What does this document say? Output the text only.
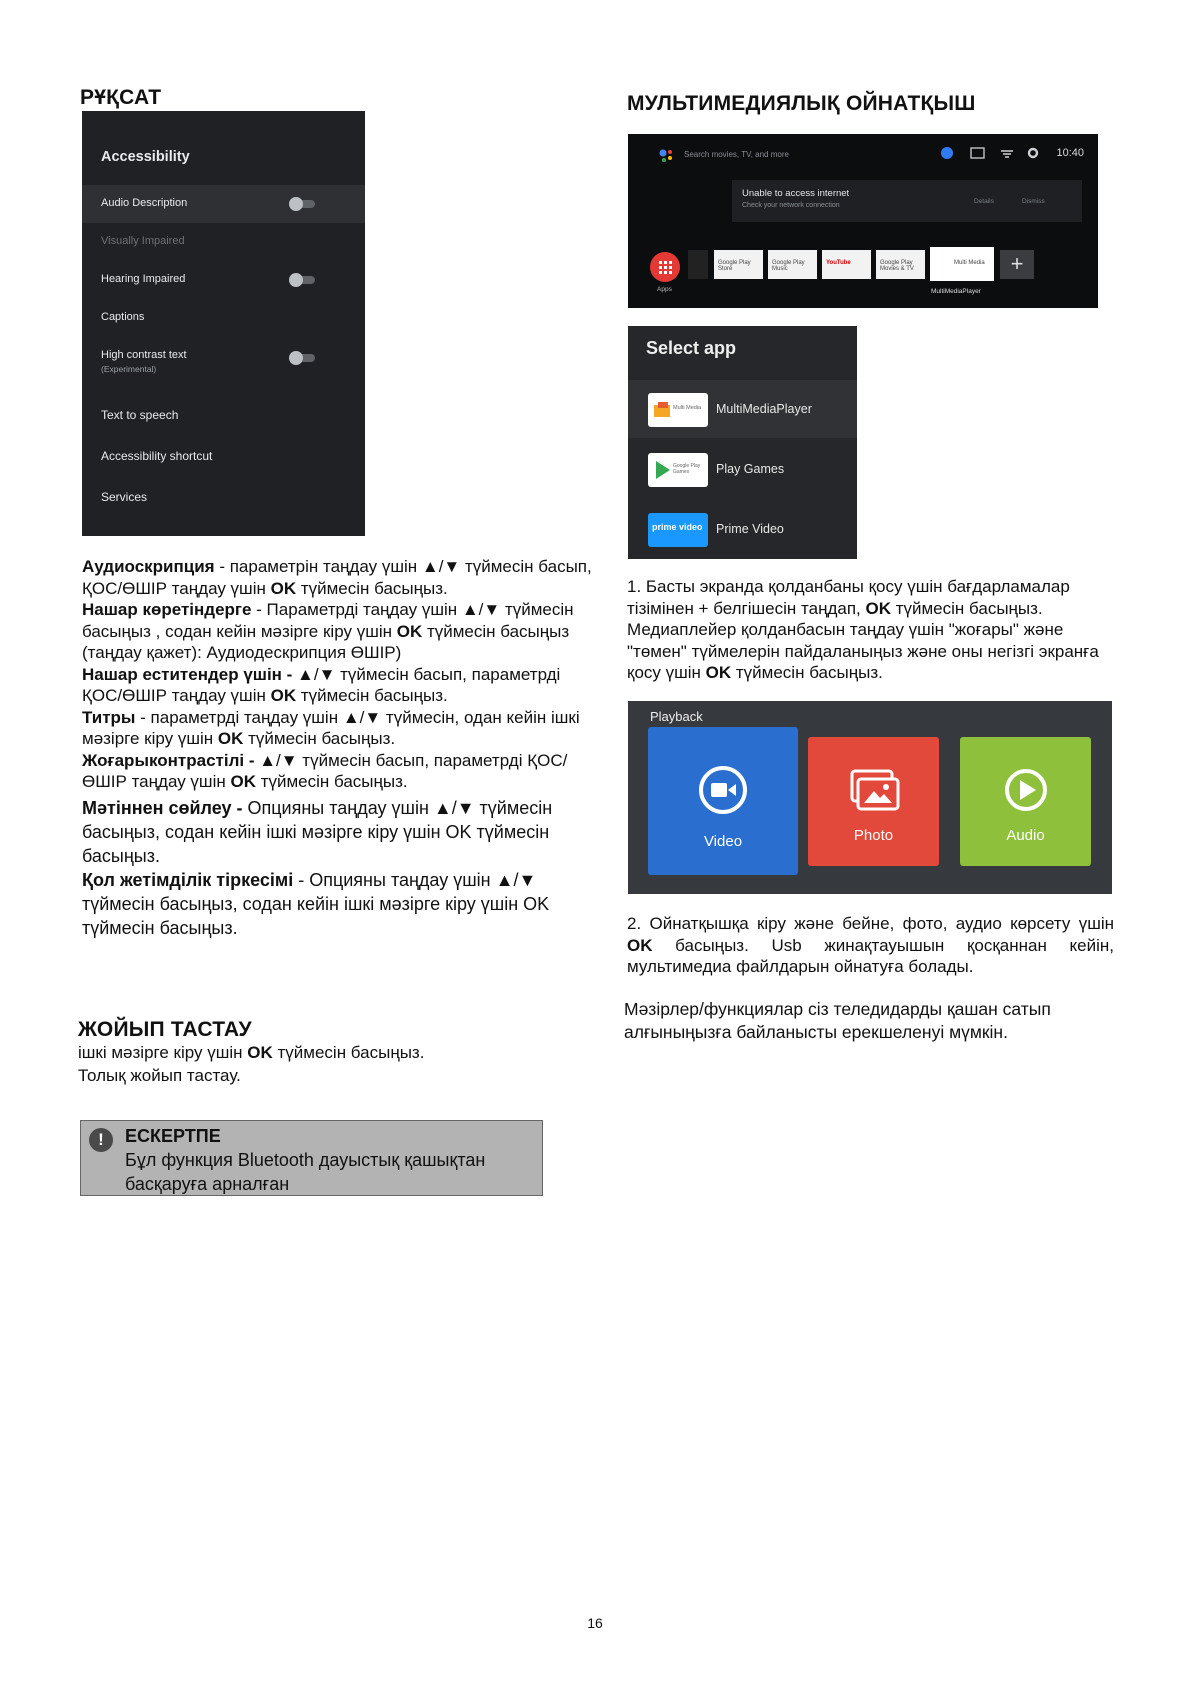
РҰҚСАТ
Accessibility
Audio Description
Visually Impaired
Hearing Impaired
Captions
High contrast text
(Experimental)
Text to speech
Accessibility shortcut
Services

Аудиоскрипция - параметрін таңдау үшін ▲/▼ түймесін басып, ҚОС/ӨШІР таңдау үшін OK түймесін басыңыз.

Нашар көретіндерге - Параметрді таңдау үшін ▲/▼ түймесін басыңыз , содан кейін мәзірге кіру үшін OK түймесін басыңыз (таңдау қажет): Аудиодескрипция ӨШІР)

Нашар еститендер үшін - ▲/▼ түймесін басып, параметрді ҚОС/ӨШІР таңдау үшін OK түймесін басыңыз.

Титры - параметрді таңдау үшін ▲/▼ түймесін, одан кейін ішкі мәзірге кіру үшін OK түймесін басыңыз.

Жоғарыконтрастілі - ▲/▼ түймесін басып, параметрді ҚОС/ӨШІР таңдау үшін OK түймесін басыңыз.

Мәтіннен сөйлеу - Опцияны таңдау үшін ▲/▼ түймесін басыңыз, содан кейін ішкі мәзірге кіру үшін OK түймесін басыңыз.

Қол жетімділік тіркесімі - Опцияны таңдау үшін ▲/▼ түймесін басыңыз, содан кейін ішкі мәзірге кіру үшін OK түймесін басыңыз.

ЖОЙЫП ТАСТАУ

ішкі мәзірге кіру үшін OK түймесін басыңыз.

Толық жойып тастау.

!	ЕСКЕРТПЕ
Бұл функция Bluetooth дауыстық қашықтан басқаруға арналған
МУЛЬТИМЕДИЯЛЫҚ ОЙНАТҚЫШ
Search movies, TV, and more	10:40
Unable to access internet
Check your network connection
Details	Dismiss
Apps
Google Play Store
Google Play Music
YouTube	Google Play Movies & TV
Multi Media
MultiMediaPlayer
+
Select app
Multi Media MultiMediaPlayer
Google Play Games	Play Games
prime video Prime Video

1. Басты экранда қолданбаны қосу үшін бағдарламалар тізімінен + белгішесін таңдап, OK түймесін басыңыз. Медиаплейер қолданбасын таңдау үшін "жоғары" және "төмен" түймелерін пайдаланыңыз және оны негізгі экранға қосу үшін OK түймесін басыңыз.

Playback
Video	Photo	Audio

2. Ойнатқышқа кіру және бейне, фото, аудио көрсету үшін OK басыңыз. Usb жинақтауышын қосқаннан кейін, мультимедиа файлдарын ойнатуға болады.

Мәзірлер/функциялар сіз теледидарды қашан сатып алғыныңызға байланысты ерекшеленуі мүмкін.

16
